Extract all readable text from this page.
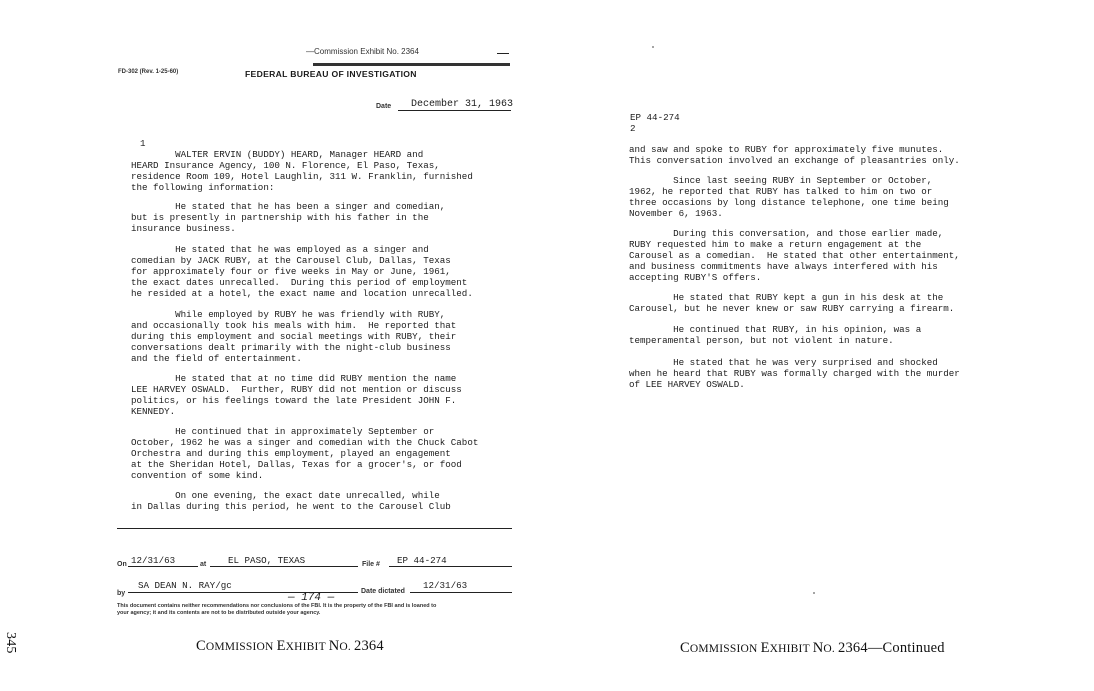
—Commission Exhibit No. 2364
FD-302 (Rev. 1-25-60)	FEDERAL BUREAU OF INVESTIGATION
Date December 31, 1963
1
WALTER ERVIN (BUDDY) HEARD, Manager HEARD and
HEARD Insurance Agency, 100 N. Florence, El Paso, Texas,
residence Room 109, Hotel Laughlin, 311 W. Franklin, furnished
the following information:
He stated that he has been a singer and comedian,
but is presently in partnership with his father in the
insurance business.
He stated that he was employed as a singer and
comedian by JACK RUBY, at the Carousel Club, Dallas, Texas
for approximately four or five weeks in May or June, 1961,
the exact dates unrecalled.  During this period of employment
he resided at a hotel, the exact name and location unrecalled.
While employed by RUBY he was friendly with RUBY,
and occasionally took his meals with him.  He reported that
during this employment and social meetings with RUBY, their
conversations dealt primarily with the night-club business
and the field of entertainment.
He stated that at no time did RUBY mention the name
LEE HARVEY OSWALD.  Further, RUBY did not mention or discuss
politics, or his feelings toward the late President JOHN F.
KENNEDY.
He continued that in approximately September or
October, 1962 he was a singer and comedian with the Chuck Cabot
Orchestra and during this employment, played an engagement
at the Sheridan Hotel, Dallas, Texas for a grocer's, or food
convention of some kind.
On one evening, the exact date unrecalled, while
in Dallas during this period, he went to the Carousel Club
On 12/31/63	at EL PASO, TEXAS	File # EP 44-274
by
SA DEAN N. RAY/gc
Date dictated
12/31/63
— 174 —
This document contains neither recommendations nor conclusions of the FBI. It is the property of the FBI and is loaned to
your agency; it and its contents are not to be distributed outside your agency.
345	COMMISSION EXHIBIT NO. 2364
EP 44-274
2
and saw and spoke to RUBY for approximately five munutes.
This conversation involved an exchange of pleasantries only.
Since last seeing RUBY in September or October,
1962, he reported that RUBY has talked to him on two or
three occasions by long distance telephone, one time being
November 6, 1963.
During this conversation, and those earlier made,
RUBY requested him to make a return engagement at the
Carousel as a comedian.  He stated that other entertainment,
and business commitments have always interfered with his
accepting RUBY'S offers.
He stated that RUBY kept a gun in his desk at the
Carousel, but he never knew or saw RUBY carrying a firearm.
He continued that RUBY, in his opinion, was a
temperamental person, but not violent in nature.
He stated that he was very surprised and shocked
when he heard that RUBY was formally charged with the murder
of LEE HARVEY OSWALD.
COMMISSION EXHIBIT NO. 2364—Continued
